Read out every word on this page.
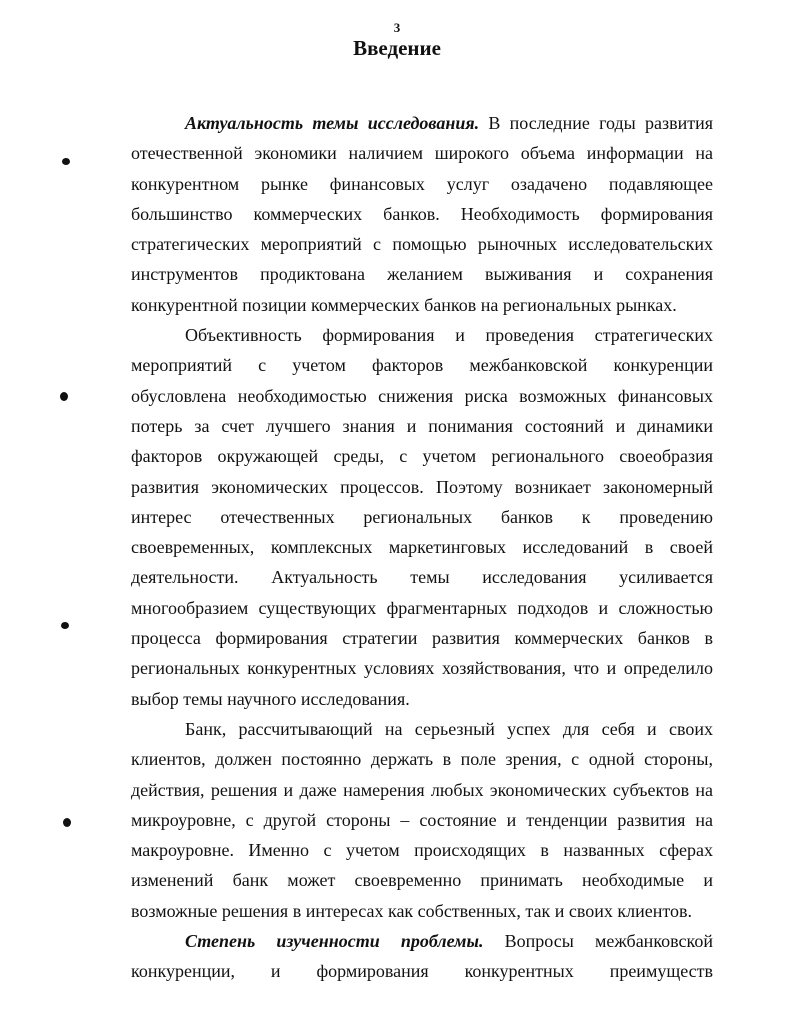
3
Введение
Актуальность темы исследования. В последние годы развития
отечественной экономики наличием широкого объема информации на
конкурентном рынке финансовых услуг озадачено подавляющее
большинство коммерческих банков. Необходимость формирования
стратегических мероприятий с помощью рыночных исследовательских
инструментов продиктована желанием выживания и сохранения
конкурентной позиции коммерческих банков на региональных рынках.
Объективность формирования и проведения стратегических
мероприятий с учетом факторов межбанковской конкуренции
обусловлена необходимостью снижения риска возможных финансовых
потерь за счет лучшего знания и понимания состояний и динамики
факторов окружающей среды, с учетом регионального своеобразия
развития экономических процессов. Поэтому возникает закономерный
интерес отечественных региональных банков к проведению
своевременных, комплексных маркетинговых исследований в своей
деятельности. Актуальность темы исследования усиливается
многообразием существующих фрагментарных подходов и сложностью
процесса формирования стратегии развития коммерческих банков в
региональных конкурентных условиях хозяйствования, что и определило
выбор темы научного исследования.
Банк, рассчитывающий на серьезный успех для себя и своих
клиентов, должен постоянно держать в поле зрения, с одной стороны,
действия, решения и даже намерения любых экономических субъектов на
микроуровне, с другой стороны – состояние и тенденции развития на
макроуровне. Именно с учетом происходящих в названных сферах
изменений банк может своевременно принимать необходимые и
возможные решения в интересах как собственных, так и своих клиентов.
Степень изученности проблемы. Вопросы межбанковской
конкуренции, и формирования конкурентных преимуществ
